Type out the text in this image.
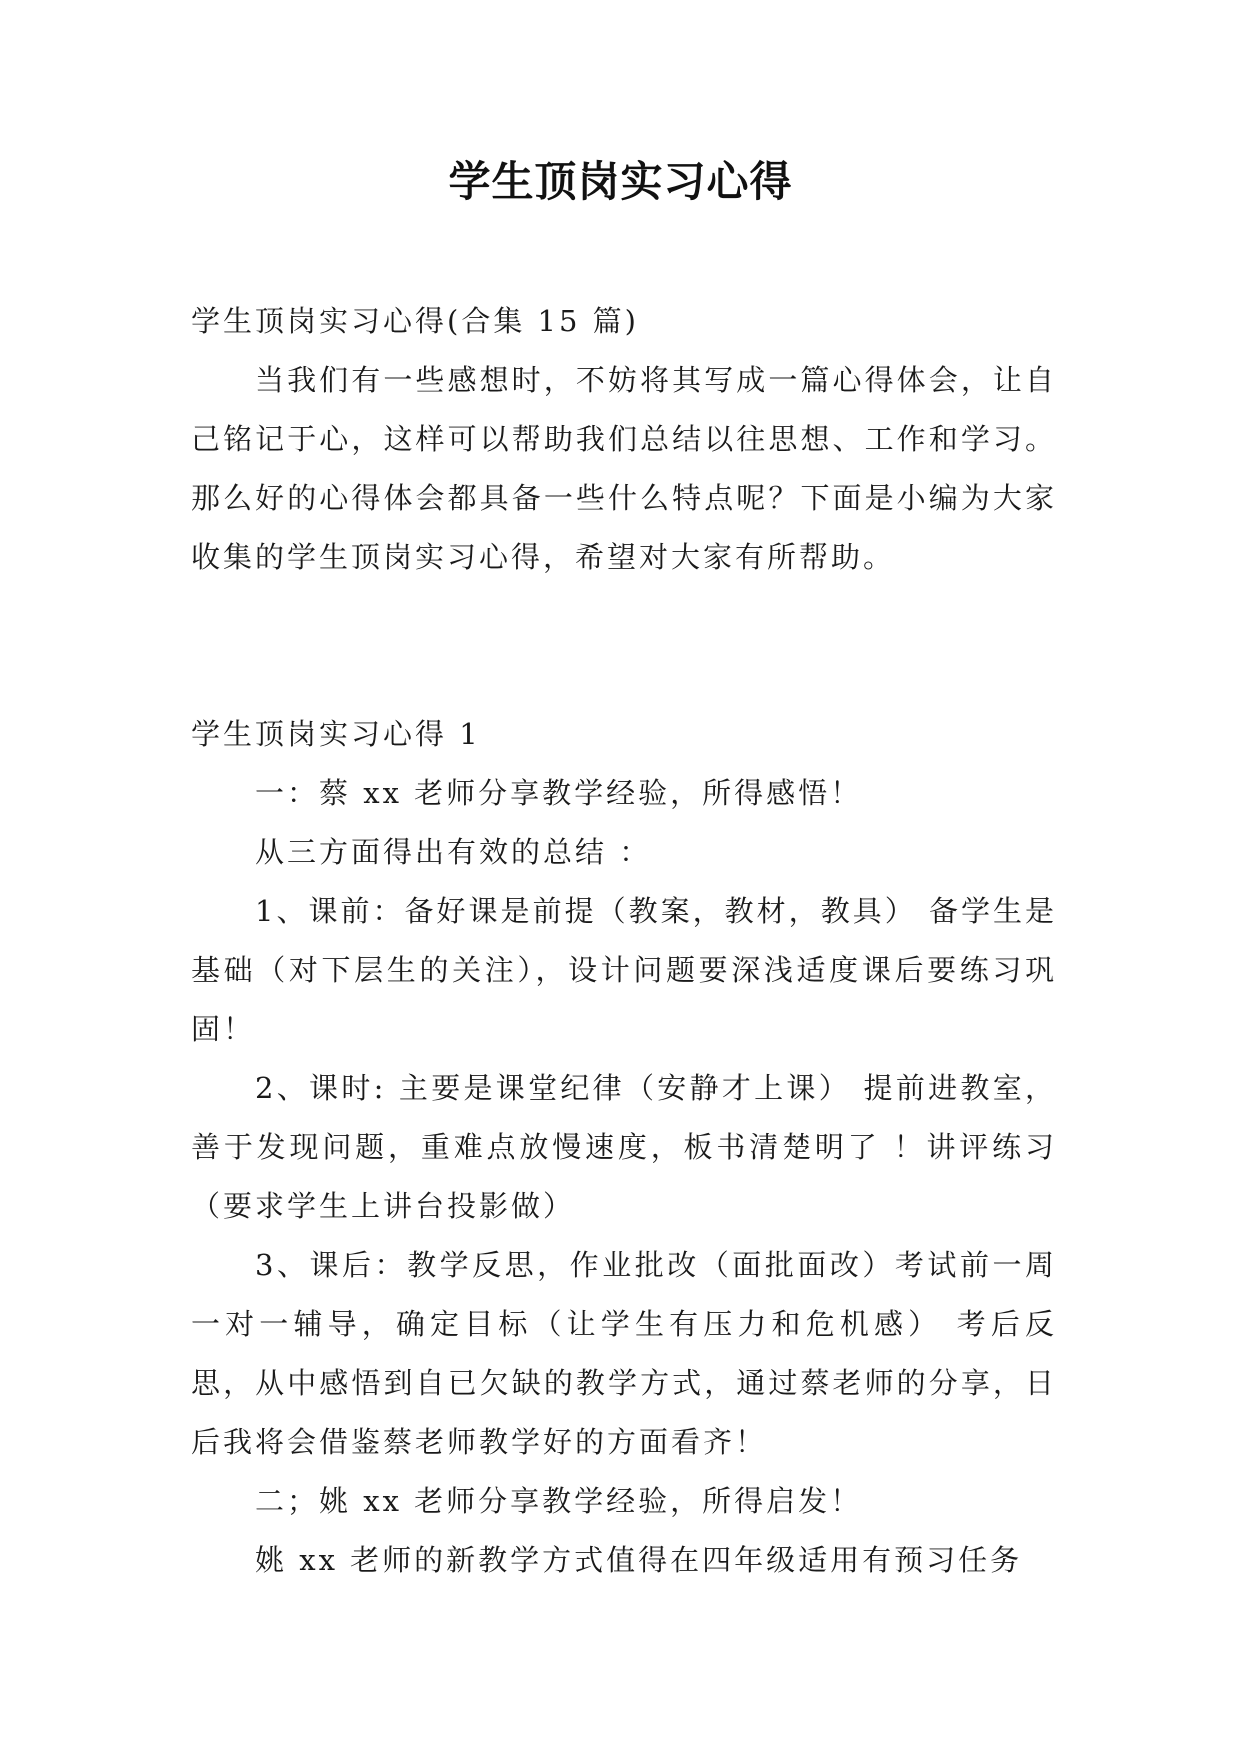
学生顶岗实习心得

学生顶岗实习心得(合集 15 篇)

当我们有一些感想时，不妨将其写成一篇心得体会，让自己铭记于心，这样可以帮助我们总结以往思想、工作和学习。那么好的心得体会都具备一些什么特点呢？下面是小编为大家收集的学生顶岗实习心得，希望对大家有所帮助。

学生顶岗实习心得 1

一：蔡 xx 老师分享教学经验，所得感悟！

从三方面得出有效的总结 ：

1、课前：备好课是前提（教案，教材，教具） 备学生是基础（对下层生的关注），设计问题要深浅适度课后要练习巩固！

2、课时: 主要是课堂纪律（安静才上课） 提前进教室，善于发现问题，重难点放慢速度，板书清楚明了 ！讲评练习（要求学生上讲台投影做）

3、课后：教学反思，作业批改（面批面改）考试前一周一对一辅导，确定目标（让学生有压力和危机感） 考后反思，从中感悟到自已欠缺的教学方式，通过蔡老师的分享，日后我将会借鉴蔡老师教学好的方面看齐！

二；姚 xx 老师分享教学经验，所得启发！

姚 xx 老师的新教学方式值得在四年级适用有预习任务
